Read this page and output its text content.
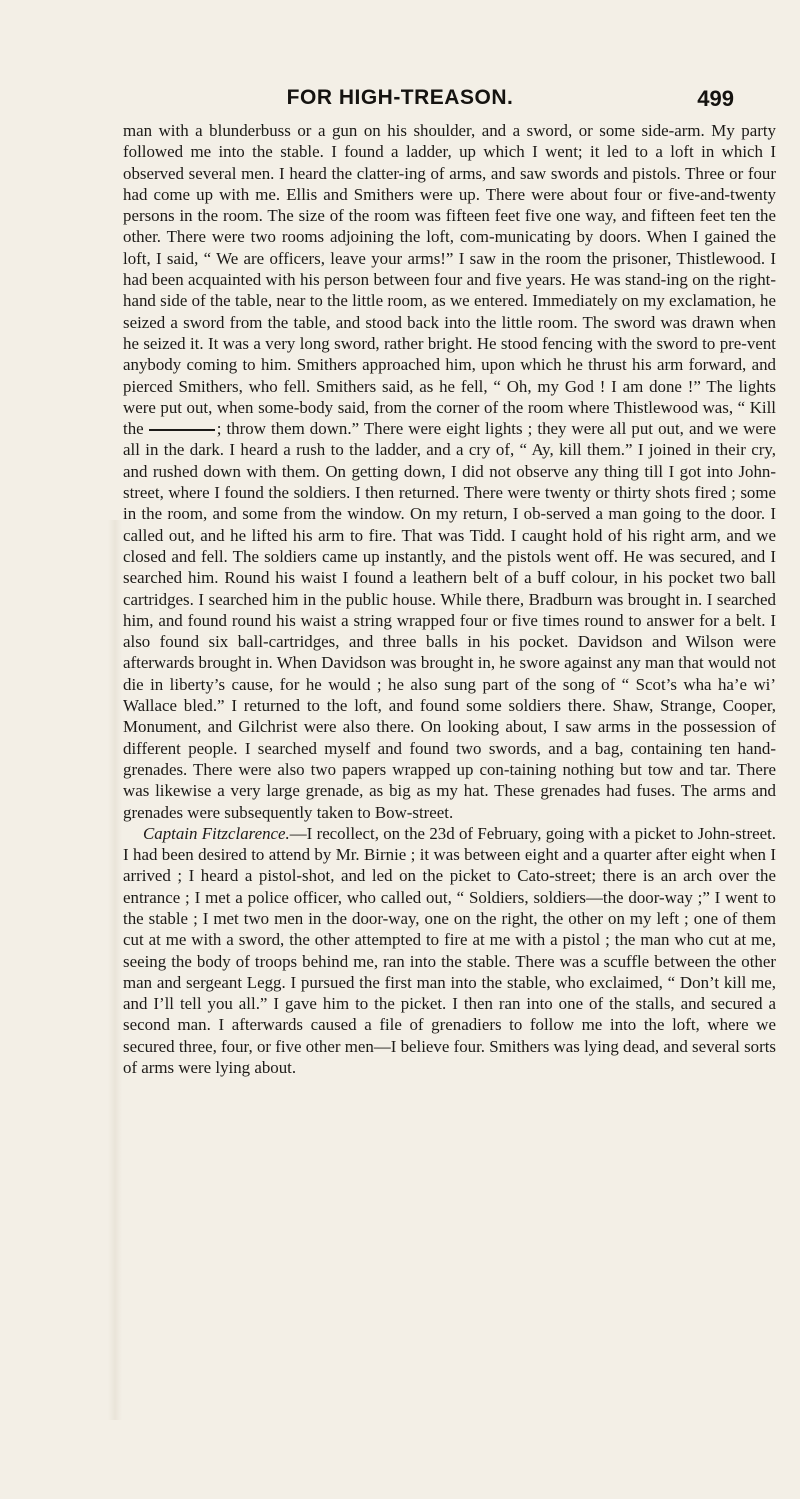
FOR HIGH-TREASON.	499

man with a blunderbuss or a gun on his shoulder, and a sword, or some side-arm. My party followed me into the stable. I found a ladder, up which I went; it led to a loft in which I observed several men. I heard the clatter-ing of arms, and saw swords and pistols. Three or four had come up with me. Ellis and Smithers were up. There were about four or five-and-twenty persons in the room. The size of the room was fifteen feet five one way, and fifteen feet ten the other. There were two rooms adjoining the loft, com-municating by doors. When I gained the loft, I said, “ We are officers, leave your arms!” I saw in the room the prisoner, Thistlewood. I had been acquainted with his person between four and five years. He was stand-ing on the right-hand side of the table, near to the little room, as we entered. Immediately on my exclamation, he seized a sword from the table, and stood back into the little room. The sword was drawn when he seized it. It was a very long sword, rather bright. He stood fencing with the sword to pre-vent anybody coming to him. Smithers approached him, upon which he thrust his arm forward, and pierced Smithers, who fell. Smithers said, as he fell, “ Oh, my God ! I am done !” The lights were put out, when some-body said, from the corner of the room where Thistlewood was, “ Kill the	; throw them down.” There were eight lights ; they were all put out, and we were all in the dark. I heard a rush to the ladder, and a cry of, “ Ay, kill them.” I joined in their cry, and rushed down with them. On getting down, I did not observe any thing till I got into John-street, where I found the soldiers. I then returned. There were twenty or thirty shots fired ; some in the room, and some from the window. On my return, I ob-served a man going to the door. I called out, and he lifted his arm to fire. That was Tidd. I caught hold of his right arm, and we closed and fell. The soldiers came up instantly, and the pistols went off. He was secured, and I searched him. Round his waist I found a leathern belt of a buff colour, in his pocket two ball cartridges. I searched him in the public house. While there, Bradburn was brought in. I searched him, and found round his waist a string wrapped four or five times round to answer for a belt. I also found six ball-cartridges, and three balls in his pocket. Davidson and Wilson were afterwards brought in. When Davidson was brought in, he swore against any man that would not die in liberty’s cause, for he would ; he also sung part of the song of “ Scot’s wha ha’e wi’ Wallace bled.” I returned to the loft, and found some soldiers there. Shaw, Strange, Cooper, Monument, and Gilchrist were also there. On looking about, I saw arms in the possession of different people. I searched myself and found two swords, and a bag, containing ten hand-grenades. There were also two papers wrapped up con-taining nothing but tow and tar. There was likewise a very large grenade, as big as my hat. These grenades had fuses. The arms and grenades were subsequently taken to Bow-street.

Captain Fitzclarence.—I recollect, on the 23d of February, going with a picket to John-street. I had been desired to attend by Mr. Birnie ; it was between eight and a quarter after eight when I arrived ; I heard a pistol-shot, and led on the picket to Cato-street; there is an arch over the entrance ; I met a police officer, who called out, “ Soldiers, soldiers—the door-way ;” I went to the stable ; I met two men in the door-way, one on the right, the other on my left ; one of them cut at me with a sword, the other attempted to fire at me with a pistol ; the man who cut at me, seeing the body of troops behind me, ran into the stable. There was a scuffle between the other man and sergeant Legg. I pursued the first man into the stable, who exclaimed, “ Don’t kill me, and I’ll tell you all.” I gave him to the picket. I then ran into one of the stalls, and secured a second man. I afterwards caused a file of grenadiers to follow me into the loft, where we secured three, four, or five other men—I believe four. Smithers was lying dead, and several sorts of arms were lying about.
